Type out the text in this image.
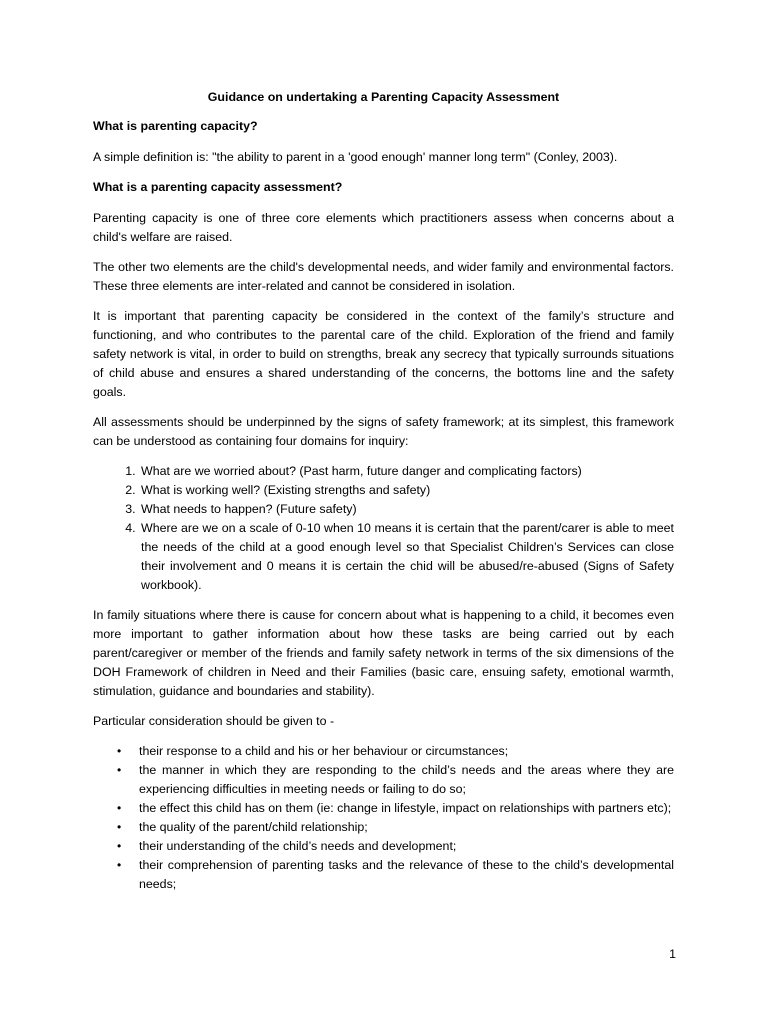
Guidance on undertaking a Parenting Capacity Assessment
What is parenting capacity?

A simple definition is: "the ability to parent in a 'good enough' manner long term" (Conley, 2003).

What is a parenting capacity assessment?

Parenting capacity is one of three core elements which practitioners assess when concerns about a child's welfare are raised.

The other two elements are the child's developmental needs, and wider family and environmental factors. These three elements are inter-related and cannot be considered in isolation.

It is important that parenting capacity be considered in the context of the family’s structure and functioning, and who contributes to the parental care of the child. Exploration of the friend and family safety network is vital, in order to build on strengths, break any secrecy that typically surrounds situations of child abuse and ensures a shared understanding of the concerns, the bottoms line and the safety goals.

All assessments should be underpinned by the signs of safety framework; at its simplest, this framework can be understood as containing four domains for inquiry:

1. What are we worried about? (Past harm, future danger and complicating factors)
2. What is working well? (Existing strengths and safety)
3. What needs to happen? (Future safety)
4. Where are we on a scale of 0-10 when 10 means it is certain that the parent/carer is able to meet the needs of the child at a good enough level so that Specialist Children’s Services can close their involvement and 0 means it is certain the chid will be abused/re-abused (Signs of Safety workbook).

In family situations where there is cause for concern about what is happening to a child, it becomes even more important to gather information about how these tasks are being carried out by each parent/caregiver or member of the friends and family safety network in terms of the six dimensions of the DOH Framework of children in Need and their Families (basic care, ensuing safety, emotional warmth, stimulation, guidance and boundaries and stability).

Particular consideration should be given to -

• their response to a child and his or her behaviour or circumstances;
• the manner in which they are responding to the child’s needs and the areas where they are experiencing difficulties in meeting needs or failing to do so;
• the effect this child has on them (ie: change in lifestyle, impact on relationships with partners etc);
• the quality of the parent/child relationship;
• their understanding of the child’s needs and development;
• their comprehension of parenting tasks and the relevance of these to the child’s developmental needs;
1
